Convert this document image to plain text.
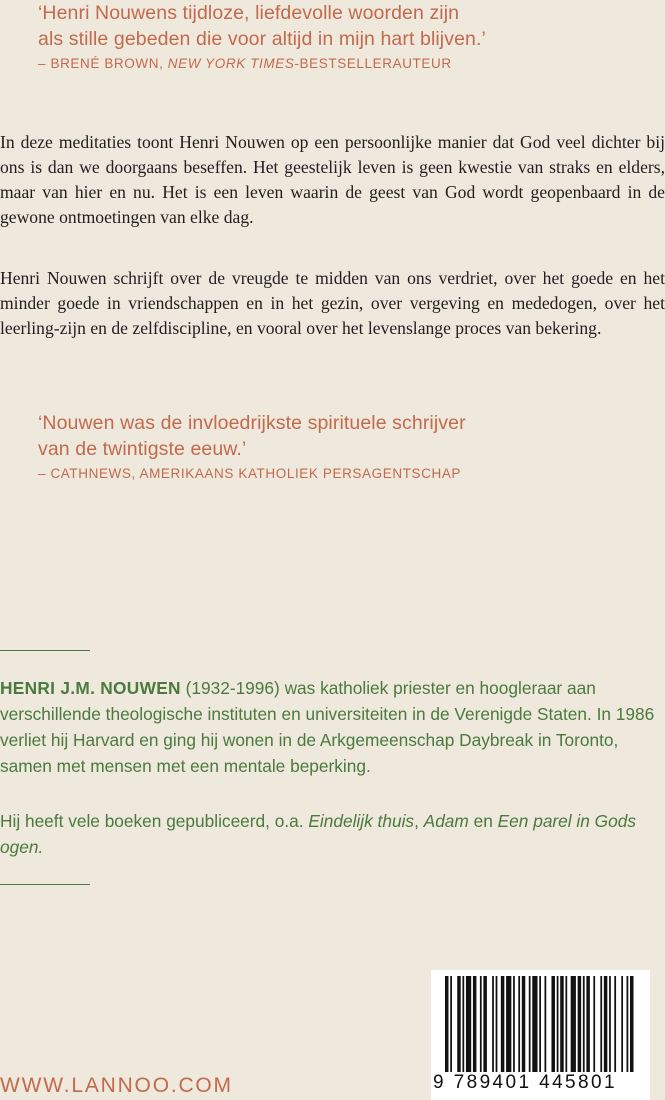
‘Henri Nouwens tijdloze, liefdevolle woorden zijn
als stille gebeden die voor altijd in mijn hart blijven.’

– BRENÉ BROWN, NEW YORK TIMES-BESTSELLERAUTEUR

In deze meditaties toont Henri Nouwen op een persoonlijke manier dat God veel dichter bij ons is dan we doorgaans beseffen. Het geestelijk leven is geen kwestie van straks en elders, maar van hier en nu. Het is een leven waarin de geest van God wordt geopenbaard in de gewone ontmoetingen van elke dag.

Henri Nouwen schrijft over de vreugde te midden van ons verdriet, over het goede en het minder goede in vriendschappen en in het gezin, over vergeving en mededogen, over het leerling-zijn en de zelfdiscipline, en vooral over het levenslange proces van bekering.

‘Nouwen was de invloedrijkste spirituele schrijver
van de twintigste eeuw.’

– CATHNEWS, AMERIKAANS KATHOLIEK PERSAGENTSCHAP

HENRI J.M. NOUWEN (1932-1996) was katholiek priester en hoogleraar aan verschillende theologische instituten en universiteiten in de Verenigde Staten. In 1986 verliet hij Harvard en ging hij wonen in de Arkgemeenschap Daybreak in Toronto, samen met mensen met een mentale beperking.

Hij heeft vele boeken gepubliceerd, o.a. Eindelijk thuis, Adam en Een parel in Gods ogen.

WWW.LANNOO.COM	9 789401 445801
